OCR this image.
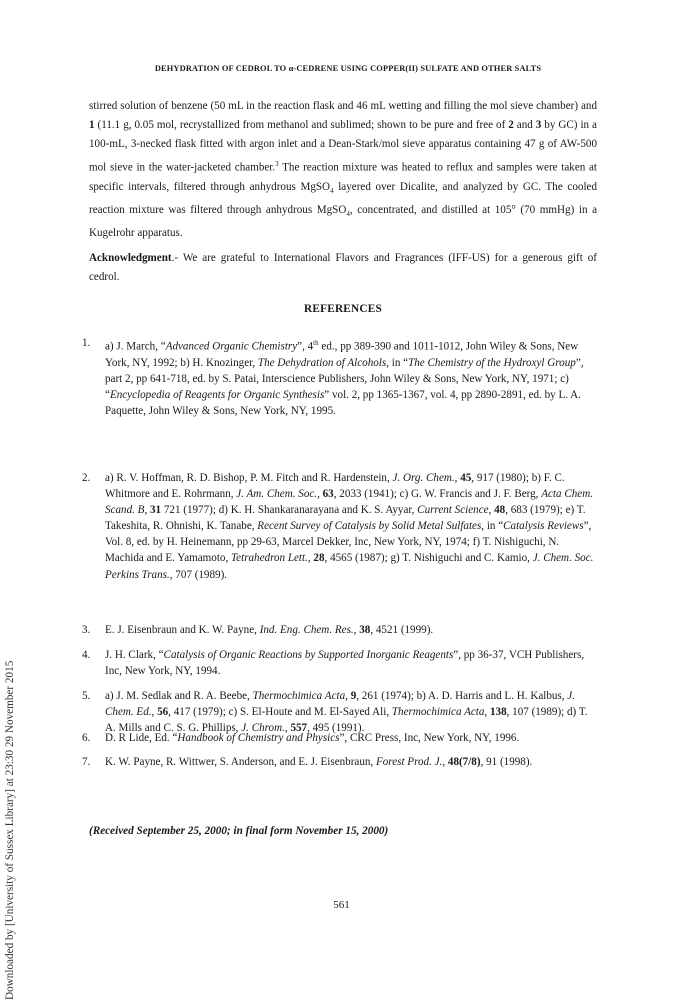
DEHYDRATION OF CEDROL TO α-CEDRENE USING COPPER(II) SULFATE AND OTHER SALTS
Downloaded by [University of Sussex Library] at 23:30 29 November 2015
stirred solution of benzene (50 mL in the reaction flask and 46 mL wetting and filling the mol sieve chamber) and 1 (11.1 g, 0.05 mol, recrystallized from methanol and sublimed; shown to be pure and free of 2 and 3 by GC) in a 100-mL, 3-necked flask fitted with argon inlet and a Dean-Stark/mol sieve apparatus containing 47 g of AW-500 mol sieve in the water-jacketed chamber.$^3$ The reaction mixture was heated to reflux and samples were taken at specific intervals, filtered through anhydrous MgSO$_4$ layered over Dicalite, and analyzed by GC. The cooled reaction mixture was filtered through anhydrous MgSO$_4$, concentrated, and distilled at 105° (70 mmHg) in a Kugelrohr apparatus.
Acknowledgment.- We are grateful to International Flavors and Fragrances (IFF-US) for a generous gift of cedrol.
REFERENCES
1. a) J. March, “Advanced Organic Chemistry”, 4th ed., pp 389-390 and 1011-1012, John Wiley & Sons, New York, NY, 1992; b) H. Knozinger, The Dehydration of Alcohols, in “The Chemistry of the Hydroxyl Group”, part 2, pp 641-718, ed. by S. Patai, Interscience Publishers, John Wiley & Sons, New York, NY, 1971; c) “Encyclopedia of Reagents for Organic Synthesis” vol. 2, pp 1365-1367, vol. 4, pp 2890-2891, ed. by L. A. Paquette, John Wiley & Sons, New York, NY, 1995.
2. a) R. V. Hoffman, R. D. Bishop, P. M. Fitch and R. Hardenstein, J. Org. Chem., 45, 917 (1980); b) F. C. Whitmore and E. Rohrmann, J. Am. Chem. Soc., 63, 2033 (1941); c) G. W. Francis and J. F. Berg, Acta Chem. Scand. B, 31 721 (1977); d) K. H. Shankaranarayana and K. S. Ayyar, Current Science, 48, 683 (1979); e) T. Takeshita, R. Ohnishi, K. Tanabe, Recent Survey of Catalysis by Solid Metal Sulfates, in “Catalysis Reviews”, Vol. 8, ed. by H. Heinemann, pp 29-63, Marcel Dekker, Inc, New York, NY, 1974; f) T. Nishiguchi, N. Machida and E. Yamamoto, Tetrahedron Lett., 28, 4565 (1987); g) T. Nishiguchi and C. Kamio, J. Chem. Soc. Perkins Trans., 707 (1989).
3. E. J. Eisenbraun and K. W. Payne, Ind. Eng. Chem. Res., 38, 4521 (1999).
4. J. H. Clark, “Catalysis of Organic Reactions by Supported Inorganic Reagents”, pp 36-37, VCH Publishers, Inc, New York, NY, 1994.
5. a) J. M. Sedlak and R. A. Beebe, Thermochimica Acta, 9, 261 (1974); b) A. D. Harris and L. H. Kalbus, J. Chem. Ed., 56, 417 (1979); c) S. El-Houte and M. El-Sayed Ali, Thermochimica Acta, 138, 107 (1989); d) T. A. Mills and C. S. G. Phillips, J. Chrom., 557, 495 (1991).
6. D. R Lide, Ed. “Handbook of Chemistry and Physics”, CRC Press, Inc, New York, NY, 1996.
7. K. W. Payne, R. Wittwer, S. Anderson, and E. J. Eisenbraun, Forest Prod. J., 48(7/8), 91 (1998).
(Received September 25, 2000; in final form November 15, 2000)
561
